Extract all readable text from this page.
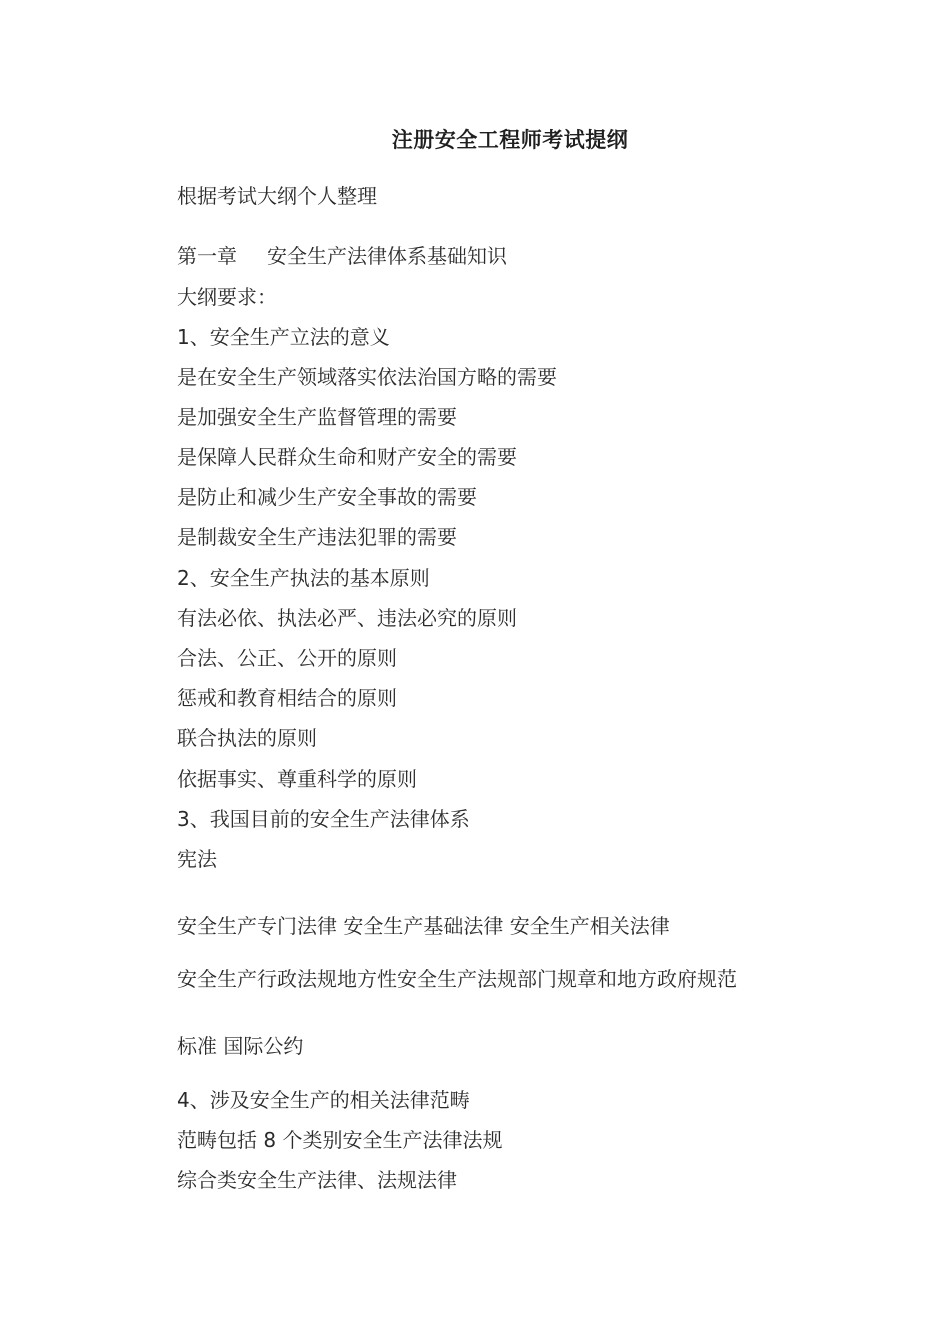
注册安全工程师考试提纲
根据考试大纲个人整理
第一章 安全生产法律体系基础知识
大纲要求：
1、安全生产立法的意义
是在安全生产领域落实依法治国方略的需要
是加强安全生产监督管理的需要
是保障人民群众生命和财产安全的需要
是防止和减少生产安全事故的需要
是制裁安全生产违法犯罪的需要
2、安全生产执法的基本原则
有法必依、执法必严、违法必究的原则
合法、公正、公开的原则
惩戒和教育相结合的原则
联合执法的原则
依据事实、尊重科学的原则
3、我国目前的安全生产法律体系
宪法
安全生产专门法律 安全生产基础法律 安全生产相关法律
安全生产行政法规地方性安全生产法规部门规章和地方政府规范
标准 国际公约
4、涉及安全生产的相关法律范畴
范畴包括 8 个类别安全生产法律法规
综合类安全生产法律、法规法律
